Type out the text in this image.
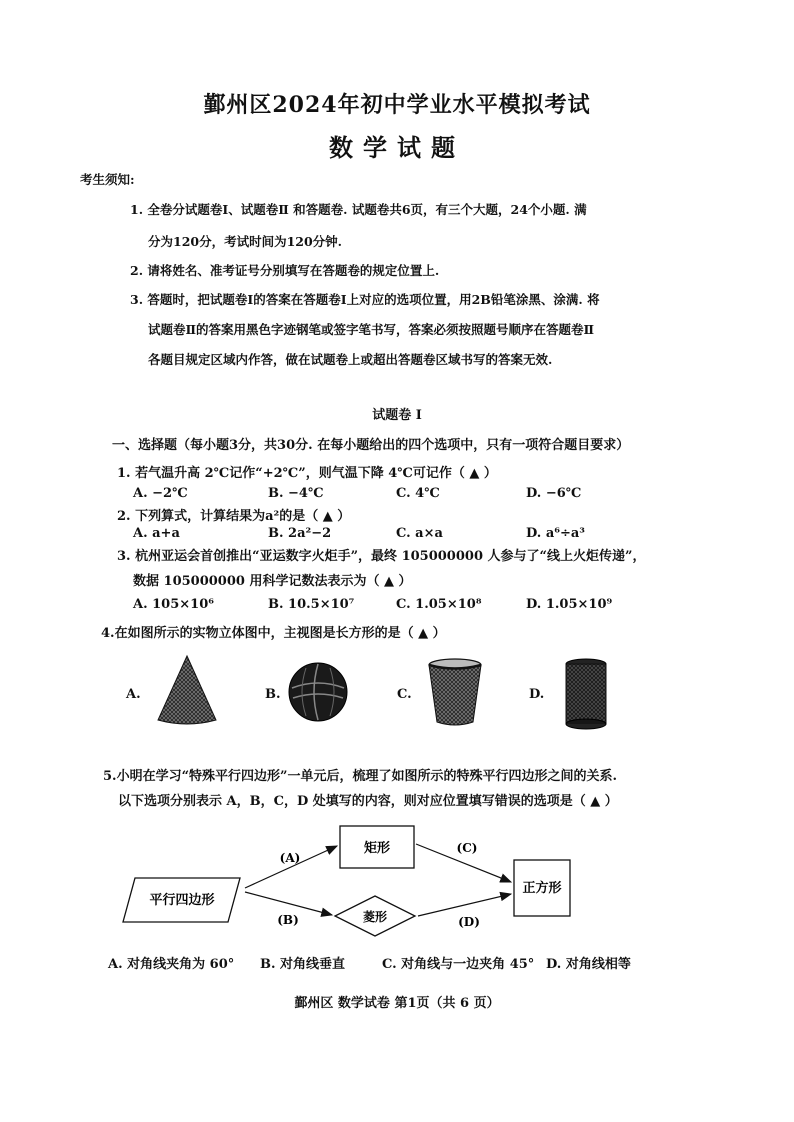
鄞州区2024年初中学业水平模拟考试
数学试题
考生须知:
1. 全卷分试题卷Ⅰ、试题卷Ⅱ 和答题卷. 试题卷共6页，有三个大题，24个小题. 满
分为120分，考试时间为120分钟.
2. 请将姓名、准考证号分别填写在答题卷的规定位置上.
3. 答题时，把试题卷Ⅰ的答案在答题卷Ⅰ上对应的选项位置，用2B铅笔涂黑、涂满. 将
试题卷Ⅱ的答案用黑色字迹钢笔或签字笔书写，答案必须按照题号顺序在答题卷Ⅱ
各题目规定区域内作答，做在试题卷上或超出答题卷区域书写的答案无效.
试题卷 Ⅰ
一、选择题（每小题3分，共30分. 在每小题给出的四个选项中，只有一项符合题目要求）
1. 若气温升高 2℃记作“+2℃”，则气温下降 4℃可记作（ ▲ ）
A. −2℃	B. −4℃	C. 4℃	D. −6℃
2. 下列算式，计算结果为a²的是（ ▲ ）
A. a+a	B. 2a²−2	C. a×a	D. a⁶÷a³
3. 杭州亚运会首创推出“亚运数字火炬手”，最终 105000000 人参与了“线上火炬传递”，
数据 105000000 用科学记数法表示为（ ▲ ）
A. 105×10⁶	B. 10.5×10⁷	C. 1.05×10⁸	D. 1.05×10⁹
4.在如图所示的实物立体图中，主视图是长方形的是（ ▲ ）
A.	B.	C.	D.
5.小明在学习“特殊平行四边形”一单元后，梳理了如图所示的特殊平行四边形之间的关系.
以下选项分别表示 A，B，C，D 处填写的内容，则对应位置填写错误的选项是（ ▲ ）
平行四边形
矩形
菱形
正方形
(A)
(B)
(C)
(D)
A. 对角线夹角为 60° B. 对角线垂直	C. 对角线与一边夹角 45° D. 对角线相等
鄞州区 数学试卷 第1页（共 6 页）
